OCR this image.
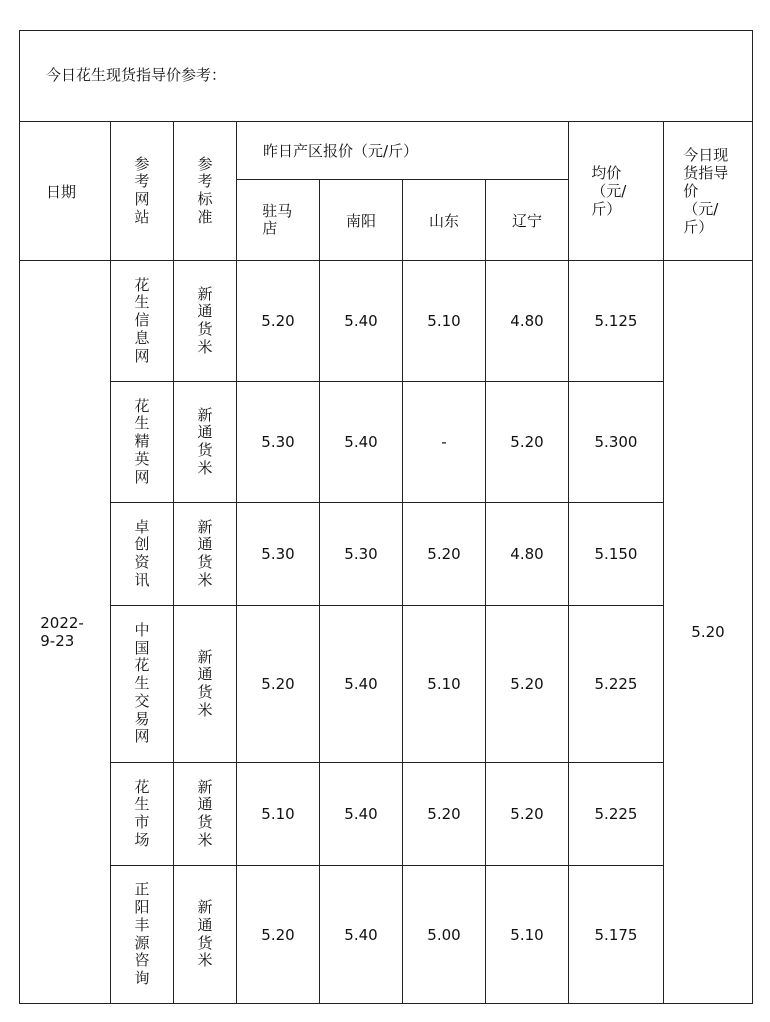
今日花生现货指导价参考：
日期	参考网站	参考标准	昨日产区报价（元/斤）				均价（元/斤）	今日现货指导价（元/斤）
			驻马店	南阳	山东	辽宁		
2022-9-23	花生信息网	新通货米	5.20	5.40	5.10	4.80	5.125	5.20
	花生精英网	新通货米	5.30	5.40	-	5.20	5.300	
	卓创资讯	新通货米	5.30	5.30	5.20	4.80	5.150	
	中国花生交易网	新通货米	5.20	5.40	5.10	5.20	5.225	
	花生市场	新通货米	5.10	5.40	5.20	5.20	5.225	
	正阳丰源咨询	新通货米	5.20	5.40	5.00	5.10	5.175	
